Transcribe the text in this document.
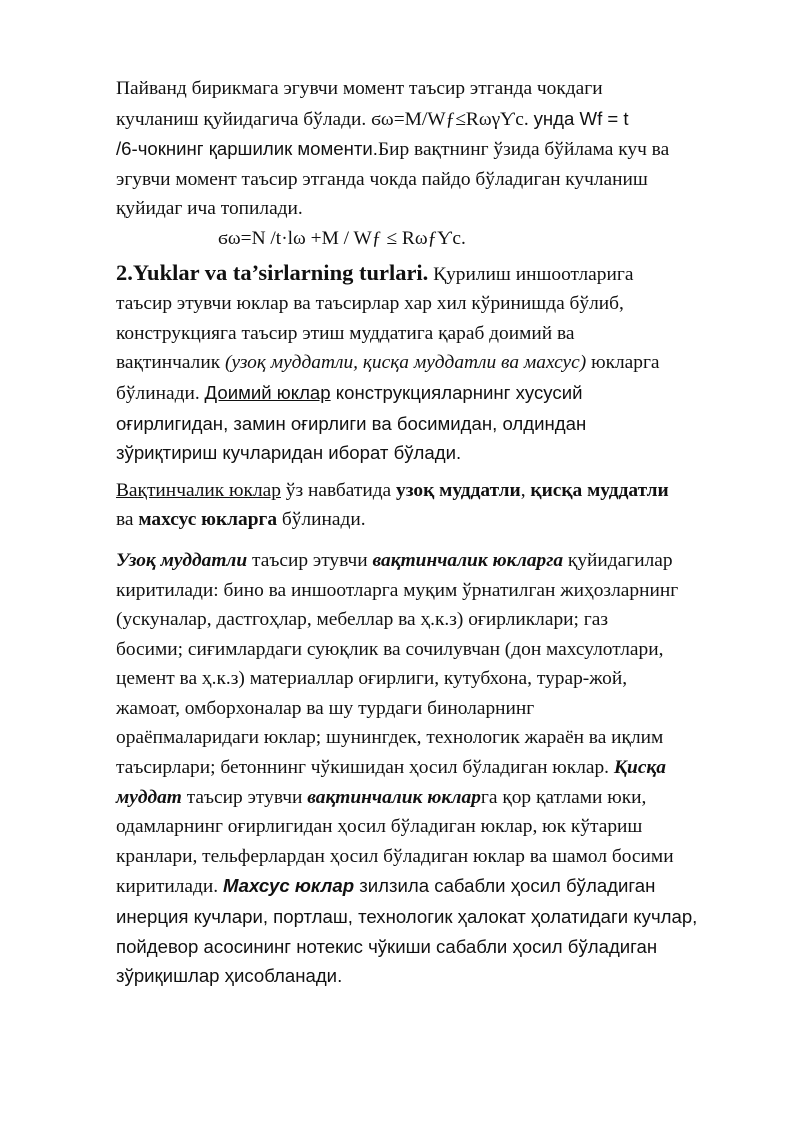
Пайванд бирикмага эгувчи момент таъсир этганда чокдаги
кучланиш қуйидагича бўлади. ϭω=M/Wƒ≤RωγƳc. унда Wf = t
/6-чокнинг қаршилик моменти.Бир вақтнинг ўзида бўйлама куч ва
эгувчи момент таъсир этганда чокда пайдо бўладиган кучланиш
қуйидаг ича топилади.
ϭω=N /t·lω +M / Wƒ ≤ RωƒƳc.

2.Yuklar va ta’sirlarning turlari. Қурилиш иншоотларига
таъсир этувчи юклар ва таъсирлар хар хил кўринишда бўлиб,
конструкцияга таъсир этиш муддатига қараб доимий ва
вақтинчалик (узоқ муддатли, қисқа муддатли ва махсус) юкларга
бўлинади. Доимий юклар конструкцияларнинг хусусий
оғирлигидан, замин оғирлиги ва босимидан, олдиндан
зўриқтириш кучларидан иборат бўлади.

Вақтинчалик юклар ўз навбатида узоқ муддатли, қисқа муддатли
ва махсус юкларга бўлинади.

Узоқ муддатли таъсир этувчи вақтинчалик юкларга қуйидагилар
киритилади: бино ва иншоотларга муқим ўрнатилган жиҳозларнинг
(ускуналар, дастгоҳлар, мебеллар ва ҳ.к.з) оғирликлари; газ
босими; сиғимлардаги суюқлик ва сочилувчан (дон махсулотлари,
цемент ва ҳ.к.з) материаллар оғирлиги, кутубхона, турар-жой,
жамоат, омборхоналар ва шу турдаги биноларнинг
ораёпмаларидаги юклар; шунингдек, технологик жараён ва иқлим
таъсирлари; бетоннинг чўкишидан ҳосил бўладиган юклар. Қисқа
муддат таъсир этувчи вақтинчалик юкларга қор қатлами юки,
одамларнинг оғирлигидан ҳосил бўладиган юклар, юк кўтариш
кранлари, тельферлардан ҳосил бўладиган юклар ва шамол босими
киритилади. Махсус юклар зилзила сабабли ҳосил бўладиган
инерция кучлари, портлаш, технологик ҳалокат ҳолатидаги кучлар,
пойдевор асосининг нотекис чўкиши сабабли ҳосил бўладиган
зўриқишлар ҳисобланади.
